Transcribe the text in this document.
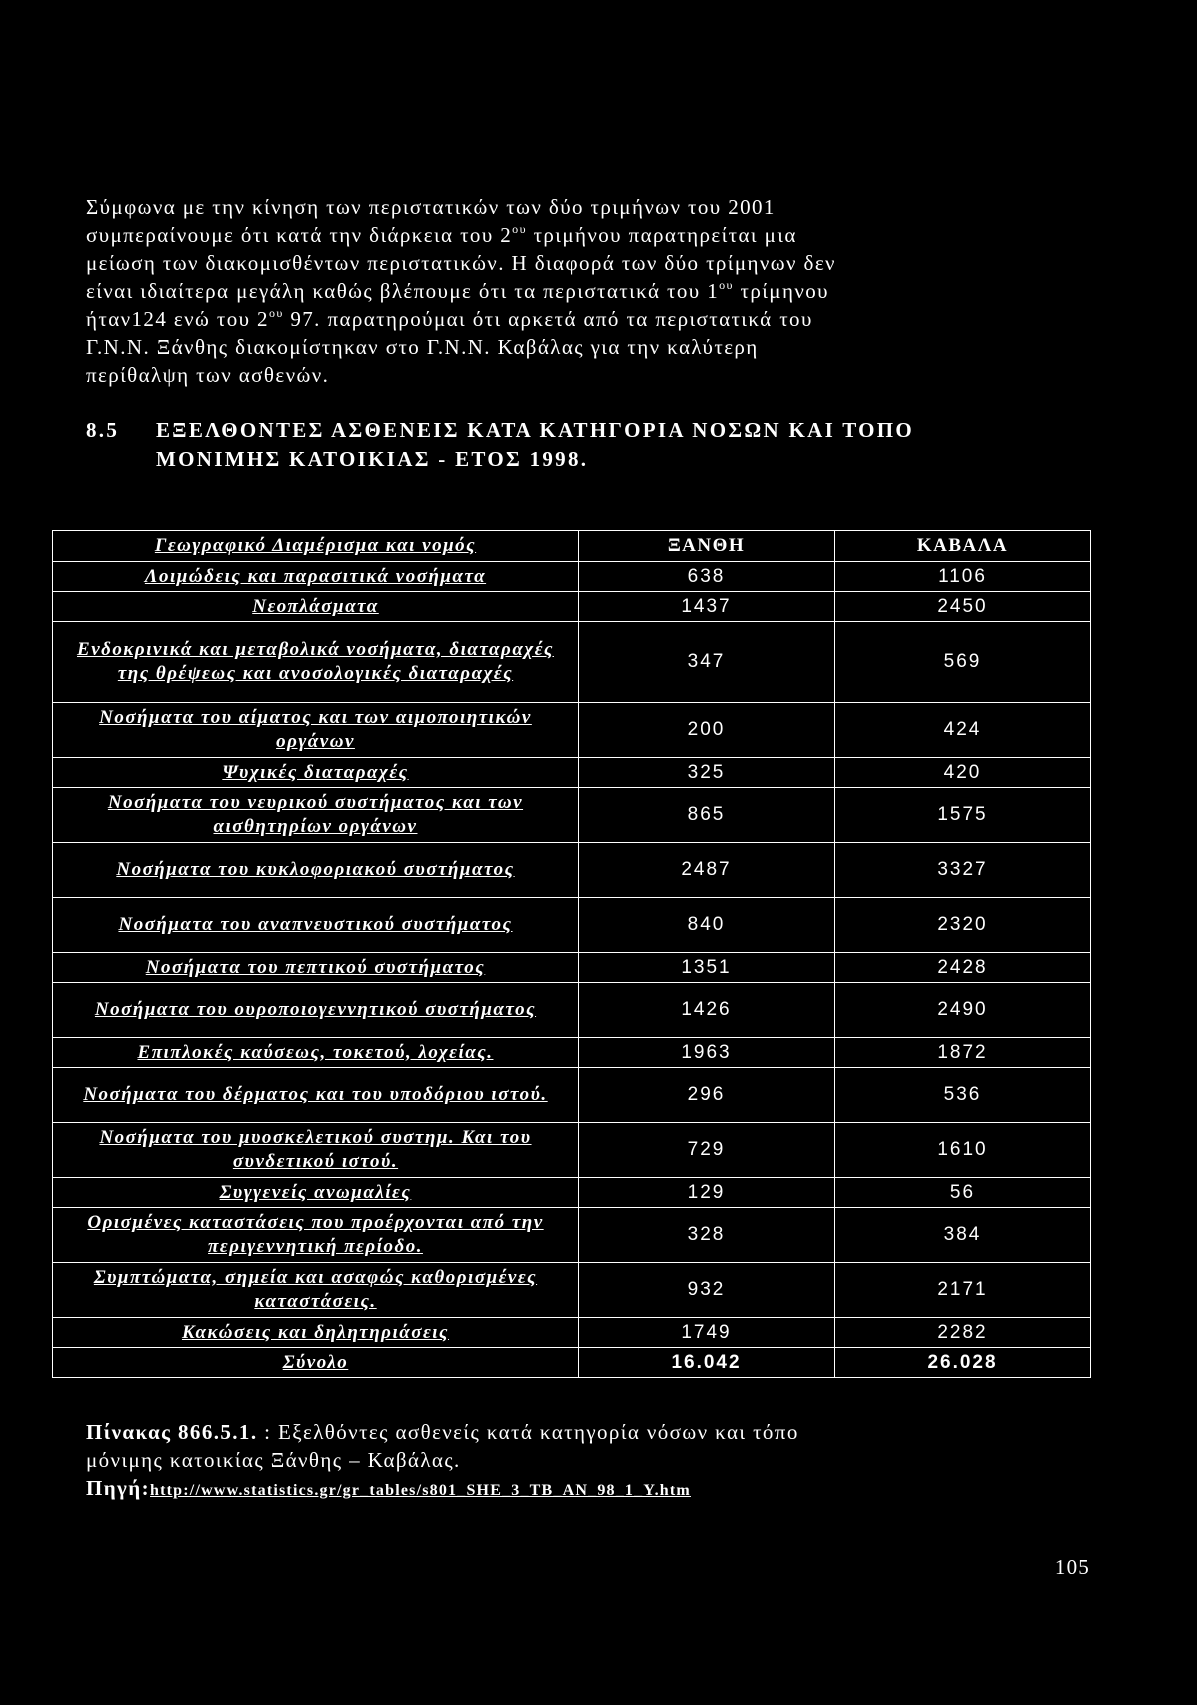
Σύμφωνα με την κίνηση των περιστατικών των δύο τριμήνων του 2001

συμπεραίνουμε ότι κατά την διάρκεια του $2^{o\upsilon}$ τριμήνου παρατηρείται μια

μείωση των διακομισθέντων περιστατικών. Η διαφορά των δύο τρίμηνων δεν

είναι ιδιαίτερα μεγάλη καθώς βλέπουμε ότι τα περιστατικά του $1^{o\upsilon}$ τρίμηνου

ήταν124 ενώ του $2^{o\upsilon}$ 97. παρατηρούμαι ότι αρκετά από τα περιστατικά του

Γ.Ν.Ν. Ξάνθης διακομίστηκαν στο Γ.Ν.Ν. Καβάλας για την καλύτερη

περίθαλψη των ασθενών.

8.5 ΕΞΕΛΘΟΝΤΕΣ ΑΣΘΕΝΕΙΣ ΚΑΤΑ ΚΑΤΗΓΟΡΙΑ ΝΟΣΩΝ ΚΑΙ ΤΟΠΟ
ΜΟΝΙΜΗΣ ΚΑΤΟΙΚΙΑΣ - ΕΤΟΣ 1998.
Γεωγραφικό Διαμέρισμα και νομός	ΞΑΝΘΗ	ΚΑΒΑΛΑ
Λοιμώδεις και παρασιτικά νοσήματα	638	1106
Νεοπλάσματα	1437	2450
Ενδοκρινικά και μεταβολικά νοσήματα, διαταραχές της θρέψεως και ανοσολογικές διαταραχές	347	569
Νοσήματα του αίματος και των αιμοποιητικών οργάνων	200	424
Ψυχικές διαταραχές	325	420
Νοσήματα του νευρικού συστήματος και των αισθητηρίων οργάνων	865	1575
Νοσήματα του κυκλοφοριακού συστήματος	2487	3327
Νοσήματα του αναπνευστικού συστήματος	840	2320
Νοσήματα του πεπτικού συστήματος	1351	2428
Νοσήματα του ουροποιογεννητικού συστήματος	1426	2490
Επιπλοκές καύσεως, τοκετού, λοχείας.	1963	1872
Νοσήματα του δέρματος και του υποδόριου ιστού.	296	536
Νοσήματα του μυοσκελετικού συστημ. Και του συνδετικού ιστού.	729	1610
Συγγενείς ανωμαλίες	129	56
Ορισμένες καταστάσεις που προέρχονται από την περιγεννητική περίοδο.	328	384
Συμπτώματα, σημεία και ασαφώς καθορισμένες καταστάσεις.	932	2171
Κακώσεις και δηλητηριάσεις	1749	2282
Σύνολο	16.042	26.028

Πίνακας 866.5.1. : Εξελθόντες ασθενείς κατά κατηγορία νόσων και τόπο

μόνιμης κατοικίας Ξάνθης – Καβάλας.

Πηγή:http://www.statistics.gr/gr_tables/s801_SHE_3_TB_AN_98_1_Y.htm

105
